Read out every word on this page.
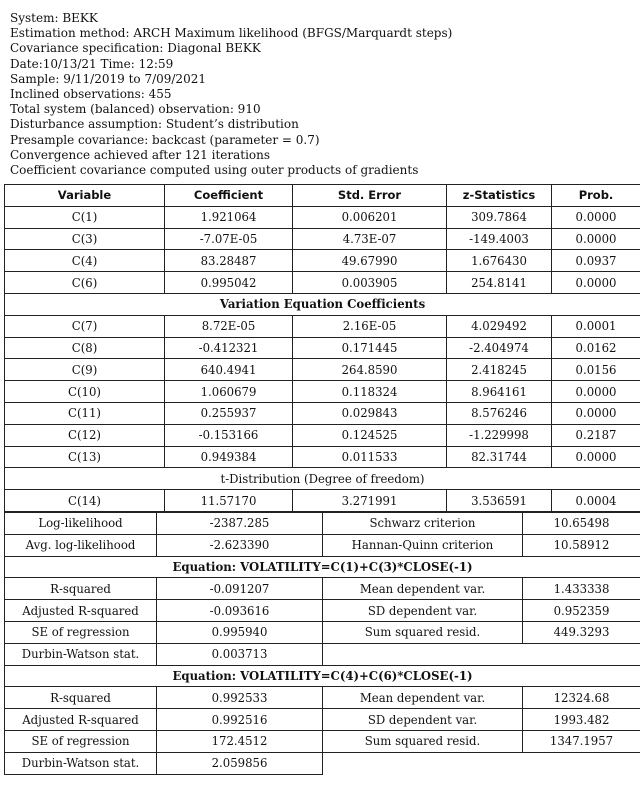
System: BEKK
Estimation method: ARCH Maximum likelihood (BFGS/Marquardt steps)
Covariance specification: Diagonal BEKK
Date:10/13/21 Time: 12:59
Sample: 9/11/2019 to 7/09/2021
Inclined observations: 455
Total system (balanced) observation: 910
Disturbance assumption: Student’s distribution
Presample covariance: backcast (parameter = 0.7)
Convergence achieved after 121 iterations
Coefficient covariance computed using outer products of gradients
Variable	Coefficient	Std. Error	z-Statistics	Prob.
C(1)	1.921064	0.006201	309.7864	0.0000
C(3)	-7.07E-05	4.73E-07	-149.4003	0.0000
C(4)	83.28487	49.67990	1.676430	0.0937
C(6)	0.995042	0.003905	254.8141	0.0000
Variation Equation Coefficients				
C(7)	8.72E-05	2.16E-05	4.029492	0.0001
C(8)	-0.412321	0.171445	-2.404974	0.0162
C(9)	640.4941	264.8590	2.418245	0.0156
C(10)	1.060679	0.118324	8.964161	0.0000
C(11)	0.255937	0.029843	8.576246	0.0000
C(12)	-0.153166	0.124525	-1.229998	0.2187
C(13)	0.949384	0.011533	82.31744	0.0000
t-Distribution (Degree of freedom)				
C(14)	11.57170	3.271991	3.536591	0.0004
Log-likelihood	-2387.285	Schwarz criterion	10.65498
Avg. log-likelihood	-2.623390	Hannan-Quinn criterion	10.58912
Equation: VOLATILITY=C(1)+C(3)*CLOSE(-1)			
R-squared	-0.091207	Mean dependent var.	1.433338
Adjusted R-squared	-0.093616	SD dependent var.	0.952359
SE of regression	0.995940	Sum squared resid.	449.3293
Durbin-Watson stat.	0.003713		
Equation: VOLATILITY=C(4)+C(6)*CLOSE(-1)			
R-squared	0.992533	Mean dependent var.	12324.68
Adjusted R-squared	0.992516	SD dependent var.	1993.482
SE of regression	172.4512	Sum squared resid.	1347.1957
Durbin-Watson stat.	2.059856		
